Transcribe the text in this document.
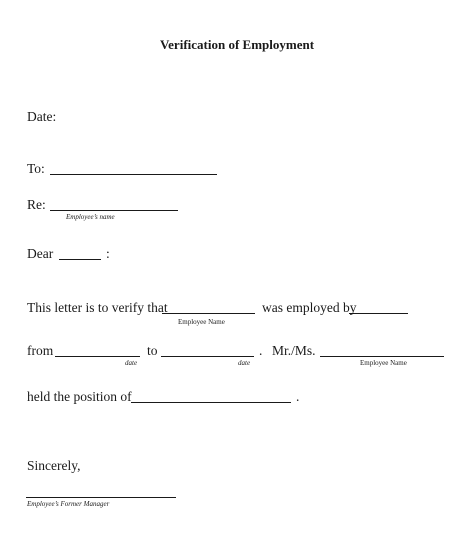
Verification of Employment
Date:
To:
Re:
Employee’s name
Dear	:
This letter is to verify that	was employed by
Employee Name
from	to	. Mr./Ms.
date	date	Employee Name
held the position of	.
Sincerely,
Employee’s Former Manager
